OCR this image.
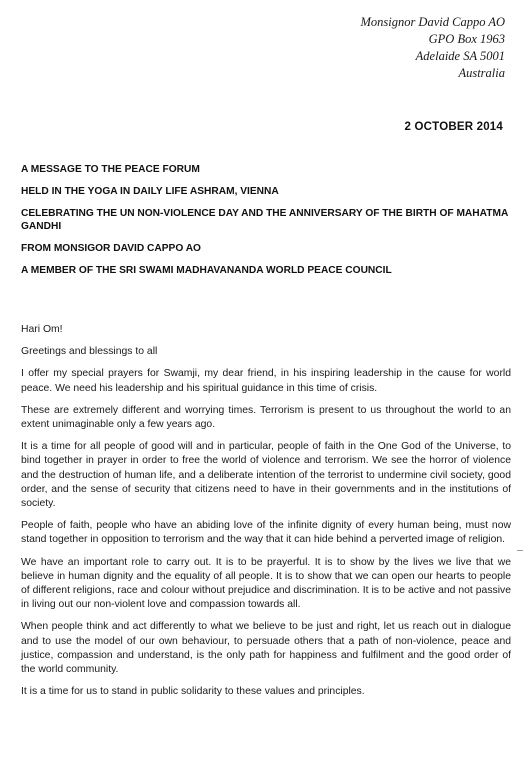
Monsignor David Cappo AO
GPO Box 1963
Adelaide SA 5001
Australia
2 OCTOBER 2014

A MESSAGE TO THE PEACE FORUM

HELD IN THE YOGA IN DAILY LIFE ASHRAM, VIENNA

CELEBRATING THE UN NON-VIOLENCE DAY AND THE ANNIVERSARY OF THE BIRTH OF MAHATMA GANDHI

FROM MONSIGOR DAVID CAPPO AO

A MEMBER OF THE SRI SWAMI MADHAVANANDA WORLD PEACE COUNCIL

Hari Om!

Greetings and blessings to all

I offer my special prayers for Swamji, my dear friend, in his inspiring leadership in the cause for world peace. We need his leadership and his spiritual guidance in this time of crisis.

These are extremely different and worrying times. Terrorism is present to us throughout the world to an extent unimaginable only a few years ago.

It is a time for all people of good will and in particular, people of faith in the One God of the Universe, to bind together in prayer in order to free the world of violence and terrorism. We see the horror of violence and the destruction of human life, and a deliberate intention of the terrorist to undermine civil society, good order, and the sense of security that citizens need to have in their governments and in the institutions of society.

People of faith, people who have an abiding love of the infinite dignity of every human being, must now stand together in opposition to terrorism and the way that it can hide behind a perverted image of religion.

We have an important role to carry out. It is to be prayerful. It is to show by the lives we live that we believe in human dignity and the equality of all people. It is to show that we can open our hearts to people of different religions, race and colour without prejudice and discrimination. It is to be active and not passive in living out our non-violent love and compassion towards all.

When people think and act differently to what we believe to be just and right, let us reach out in dialogue and to use the model of our own behaviour, to persuade others that a path of non-violence, peace and justice, compassion and understand, is the only path for happiness and fulfilment and the good order of the world community.

It is a time for us to stand in public solidarity to these values and principles.
